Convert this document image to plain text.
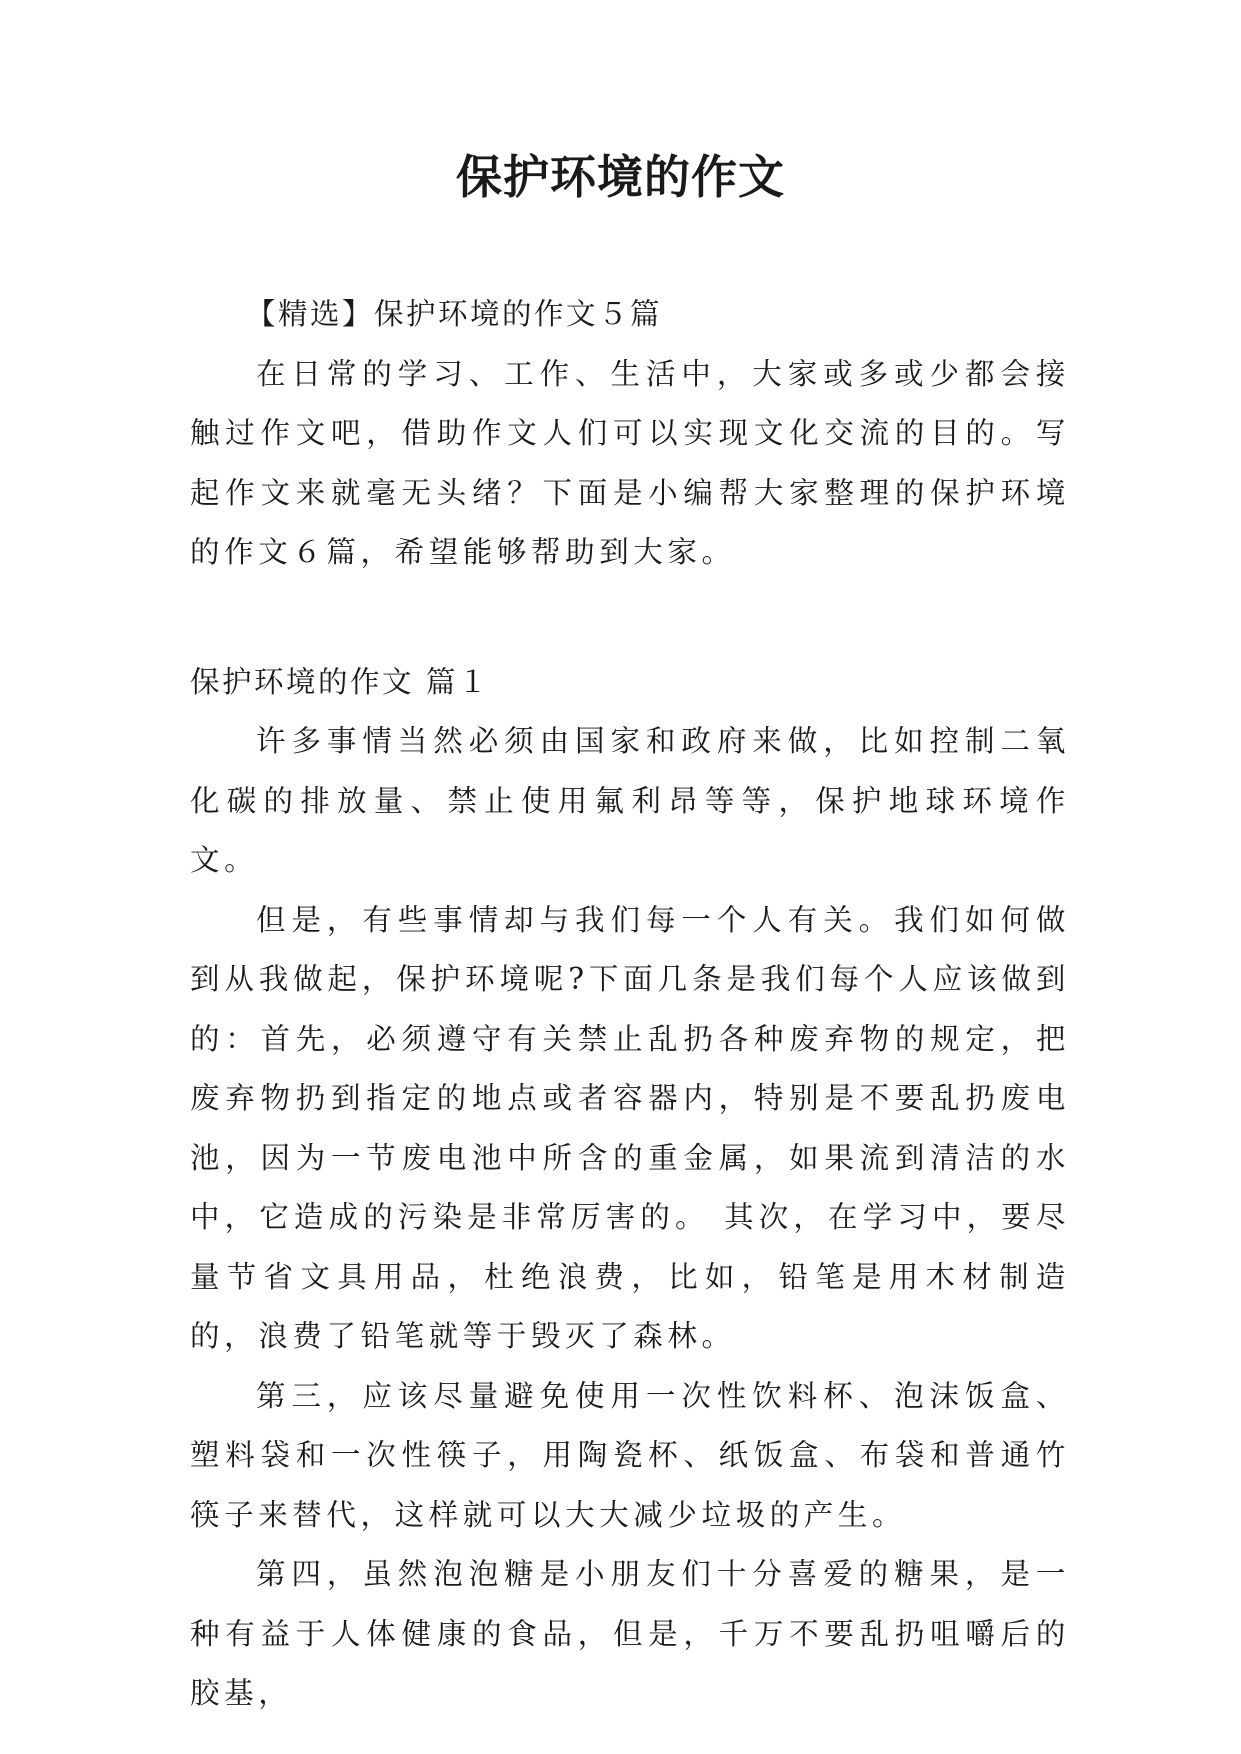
保护环境的作文

【精选】保护环境的作文５篇

在日常的学习、工作、生活中，大家或多或少都会接触过作文吧，借助作文人们可以实现文化交流的目的。写起作文来就毫无头绪？下面是小编帮大家整理的保护环境的作文６篇，希望能够帮助到大家。

保护环境的作文 篇１

许多事情当然必须由国家和政府来做，比如控制二氧化碳的排放量、禁止使用氟利昂等等，保护地球环境作文。

但是，有些事情却与我们每一个人有关。我们如何做到从我做起，保护环境呢?下面几条是我们每个人应该做到的：首先，必须遵守有关禁止乱扔各种废弃物的规定，把废弃物扔到指定的地点或者容器内，特别是不要乱扔废电池，因为一节废电池中所含的重金属，如果流到清洁的水中，它造成的污染是非常厉害的。 其次，在学习中，要尽量节省文具用品，杜绝浪费，比如，铅笔是用木材制造的，浪费了铅笔就等于毁灭了森林。

第三，应该尽量避免使用一次性饮料杯、泡沫饭盒、塑料袋和一次性筷子，用陶瓷杯、纸饭盒、布袋和普通竹筷子来替代，这样就可以大大减少垃圾的产生。

第四，虽然泡泡糖是小朋友们十分喜爱的糖果，是一种有益于人体健康的食品，但是，千万不要乱扔咀嚼后的胶基，
